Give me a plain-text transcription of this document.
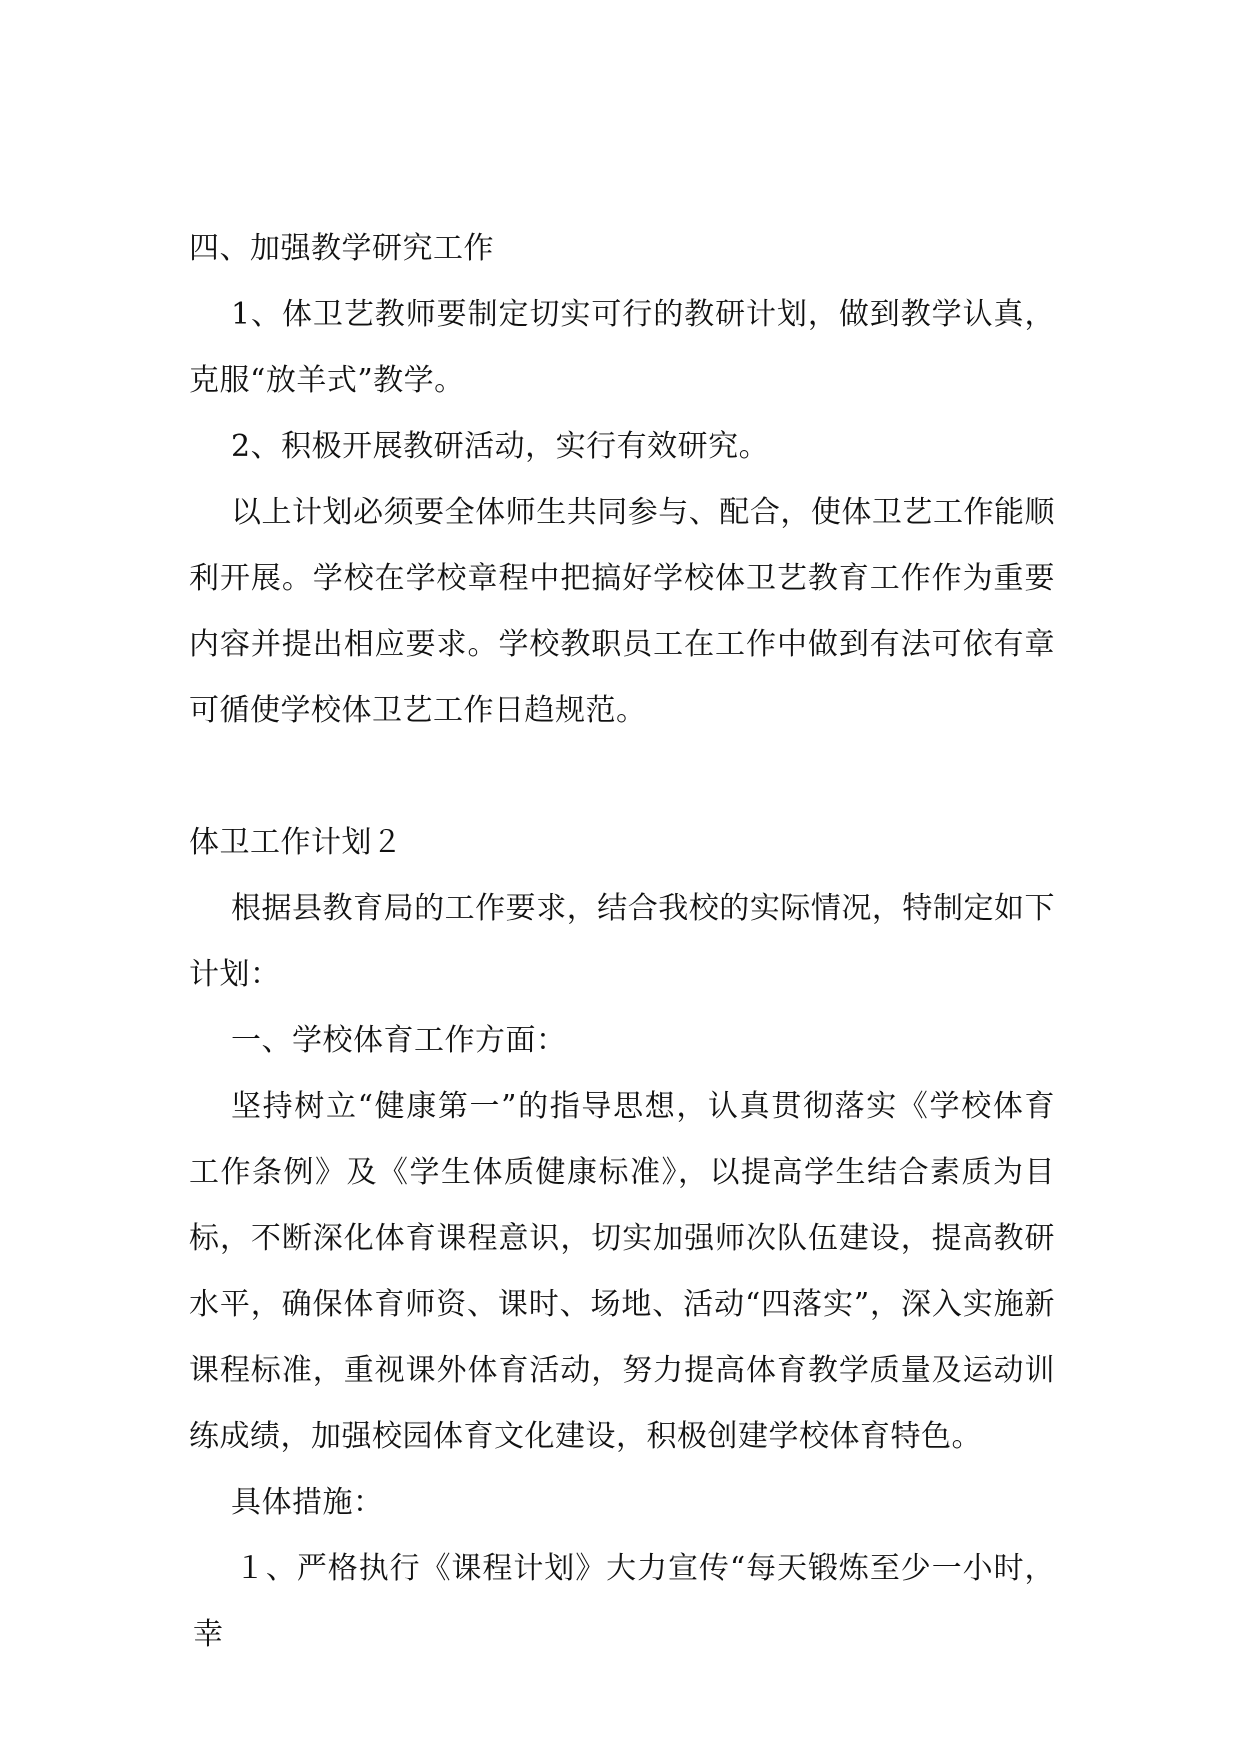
四、加强教学研究工作

1、体卫艺教师要制定切实可行的教研计划，做到教学认真，克服“放羊式”教学。

2、积极开展教研活动，实行有效研究。

以上计划必须要全体师生共同参与、配合，使体卫艺工作能顺利开展。学校在学校章程中把搞好学校体卫艺教育工作作为重要内容并提出相应要求。学校教职员工在工作中做到有法可依有章可循使学校体卫艺工作日趋规范。

体卫工作计划２

根据县教育局的工作要求，结合我校的实际情况，特制定如下计划：

一、学校体育工作方面：

坚持树立“健康第一”的指导思想，认真贯彻落实《学校体育工作条例》及《学生体质健康标准》，以提高学生结合素质为目标，不断深化体育课程意识，切实加强师次队伍建设，提高教研水平，确保体育师资、课时、场地、活动“四落实”，深入实施新课程标准，重视课外体育活动，努力提高体育教学质量及运动训练成绩，加强校园体育文化建设，积极创建学校体育特色。

具体措施：

１、严格执行《课程计划》大力宣传“每天锻炼至少一小时，幸
